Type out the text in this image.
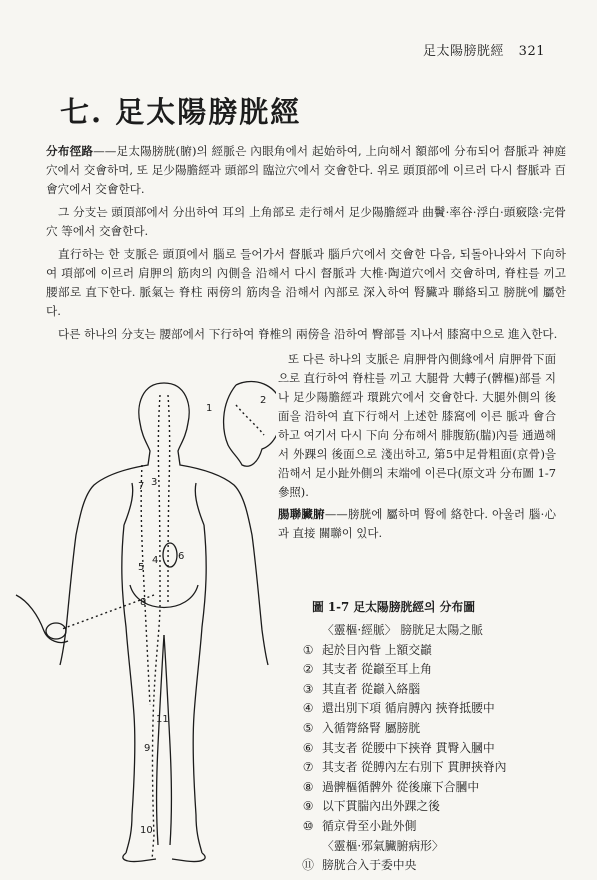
足太陽膀胱經 321
七. 足太陽膀胱經

分布徑路——足太陽膀胱(腑)의 經脈은 內眼角에서 起始하여, 上向해서 額部에 分布되어 督脈과 神庭穴에서 交會하며, 또 足少陽膽經과 頭部의 臨泣穴에서 交會한다. 위로 頭頂部에 이르러 다시 督脈과 百會穴에서 交會한다.

그 分支는 頭頂部에서 分出하여 耳의 上角部로 走行해서 足少陽膽經과 曲鬢·率谷·浮白·頭竅陰·完骨穴 等에서 交會한다.

直行하는 한 支脈은 頭頂에서 腦로 들어가서 督脈과 腦戶穴에서 交會한 다음, 되돌아나와서 下向하여 項部에 이르러 肩胛의 筋肉의 內側을 沿해서 다시 督脈과 大椎·陶道穴에서 交會하며, 脊柱를 끼고 腰部로 直下한다. 脈氣는 脊柱 兩傍의 筋肉을 沿해서 內部로 深入하여 腎臟과 聯絡되고 膀胱에 屬한다.

다른 하나의 分支는 腰部에서 下行하여 脊椎의 兩傍을 沿하여 臀部를 지나서 膝窩中으로 進入한다.

1
2
3
4
5
6
7
8
9
10
11

또 다른 하나의 支脈은 肩胛骨內側緣에서 肩胛骨下面으로 直行하여 脊柱를 끼고 大腿骨 大轉子(髀樞)部를 지나 足少陽膽經과 環跳穴에서 交會한다. 大腿外側의 後面을 沿하여 直下行해서 上述한 膝窩에 이른 脈과 會合하고 여기서 다시 下向 分布해서 腓腹筋(腨)內를 通過해서 外踝의 後面으로 淺出하고, 第5中足骨粗面(京骨)을 沿해서 足小趾外側의 末端에 이른다(原文과 分布圖 1-7 參照).

腸聯臟腑——膀胱에 屬하며 腎에 絡한다. 아울러 腦·心과 直接 關聯이 있다.

圖 1-7 足太陽膀胱經의 分布圖
〈靈樞·經脈〉 膀胱足太陽之脈
① 起於目內眥 上額交巓
② 其支者 從巓至耳上角
③ 其直者 從巓入絡腦
④ 還出別下項 循肩膊內 挾脊抵腰中
⑤ 入循膂絡腎 屬膀胱
⑥ 其支者 從腰中下挾脊 貫臀入膕中
⑦ 其支者 從膊內左右別下 貫胛挾脊內
⑧ 過髀樞循髀外 從後廉下合膕中
⑨ 以下貫腨內出外踝之後
⑩ 循京骨至小趾外側
〈靈樞·邪氣臟腑病形〉
⑪ 膀胱合入于委中央
